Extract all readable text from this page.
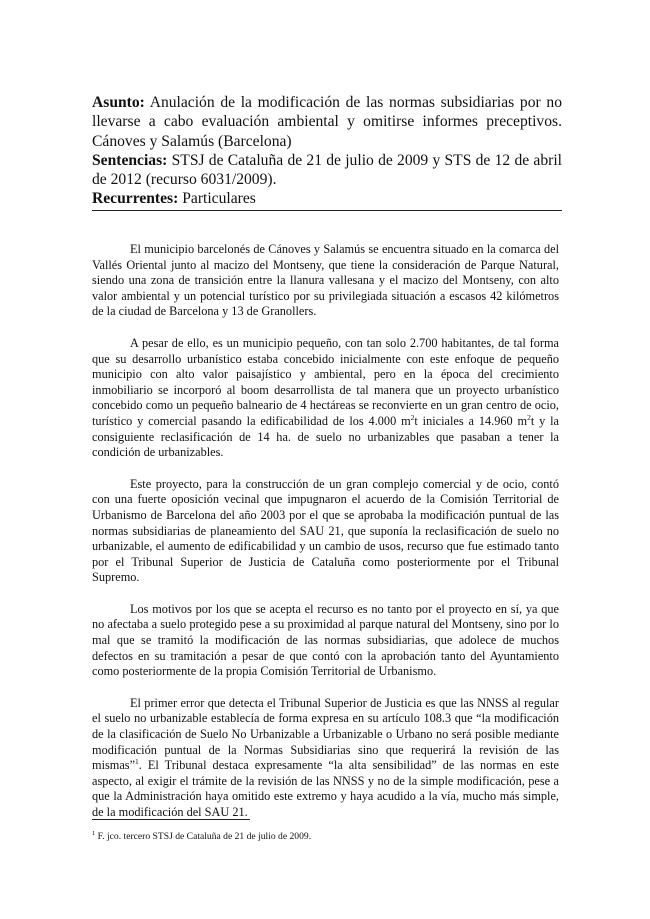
Asunto: Anulación de la modificación de las normas subsidiarias por no llevarse a cabo evaluación ambiental y omitirse informes preceptivos. Cánoves y Salamús (Barcelona)

Sentencias: STSJ de Cataluña de 21 de julio de 2009 y STS de 12 de abril de 2012 (recurso 6031/2009).

Recurrentes: Particulares

El municipio barcelonés de Cánoves y Salamús se encuentra situado en la comarca del Vallés Oriental junto al macizo del Montseny, que tiene la consideración de Parque Natural, siendo una zona de transición entre la llanura vallesana y el macizo del Montseny, con alto valor ambiental y un potencial turístico por su privilegiada situación a escasos 42 kilómetros de la ciudad de Barcelona y 13 de Granollers.

A pesar de ello, es un municipio pequeño, con tan solo 2.700 habitantes, de tal forma que su desarrollo urbanístico estaba concebido inicialmente con este enfoque de pequeño municipio con alto valor paisajístico y ambiental, pero en la época del crecimiento inmobiliario se incorporó al boom desarrollista de tal manera que un proyecto urbanístico concebido como un pequeño balneario de 4 hectáreas se reconvierte en un gran centro de ocio, turístico y comercial pasando la edificabilidad de los 4.000 $m^2t$ iniciales a 14.960 $m^2t$ y la consiguiente reclasificación de 14 ha. de suelo no urbanizables que pasaban a tener la condición de urbanizables.

Este proyecto, para la construcción de un gran complejo comercial y de ocio, contó con una fuerte oposición vecinal que impugnaron el acuerdo de la Comisión Territorial de Urbanismo de Barcelona del año 2003 por el que se aprobaba la modificación puntual de las normas subsidiarias de planeamiento del SAU 21, que suponía la reclasificación de suelo no urbanizable, el aumento de edificabilidad y un cambio de usos, recurso que fue estimado tanto por el Tribunal Superior de Justicia de Cataluña como posteriormente por el Tribunal Supremo.

Los motivos por los que se acepta el recurso es no tanto por el proyecto en sí, ya que no afectaba a suelo protegido pese a su proximidad al parque natural del Montseny, sino por lo mal que se tramitó la modificación de las normas subsidiarias, que adolece de muchos defectos en su tramitación a pesar de que contó con la aprobación tanto del Ayuntamiento como posteriormente de la propia Comisión Territorial de Urbanismo.

El primer error que detecta el Tribunal Superior de Justicia es que las NNSS al regular el suelo no urbanizable establecía de forma expresa en su artículo 108.3 que “la modificación de la clasificación de Suelo No Urbanizable a Urbanizable o Urbano no será posible mediante modificación puntual de la Normas Subsidiarias sino que requerirá la revisión de las mismas”$^1$. El Tribunal destaca expresamente “la alta sensibilidad” de las normas en este aspecto, al exigir el trámite de la revisión de las NNSS y no de la simple modificación, pese a que la Administración haya omitido este extremo y haya acudido a la vía, mucho más simple, de la modificación del SAU 21.

$^1$ F. jco. tercero STSJ de Cataluña de 21 de julio de 2009.
